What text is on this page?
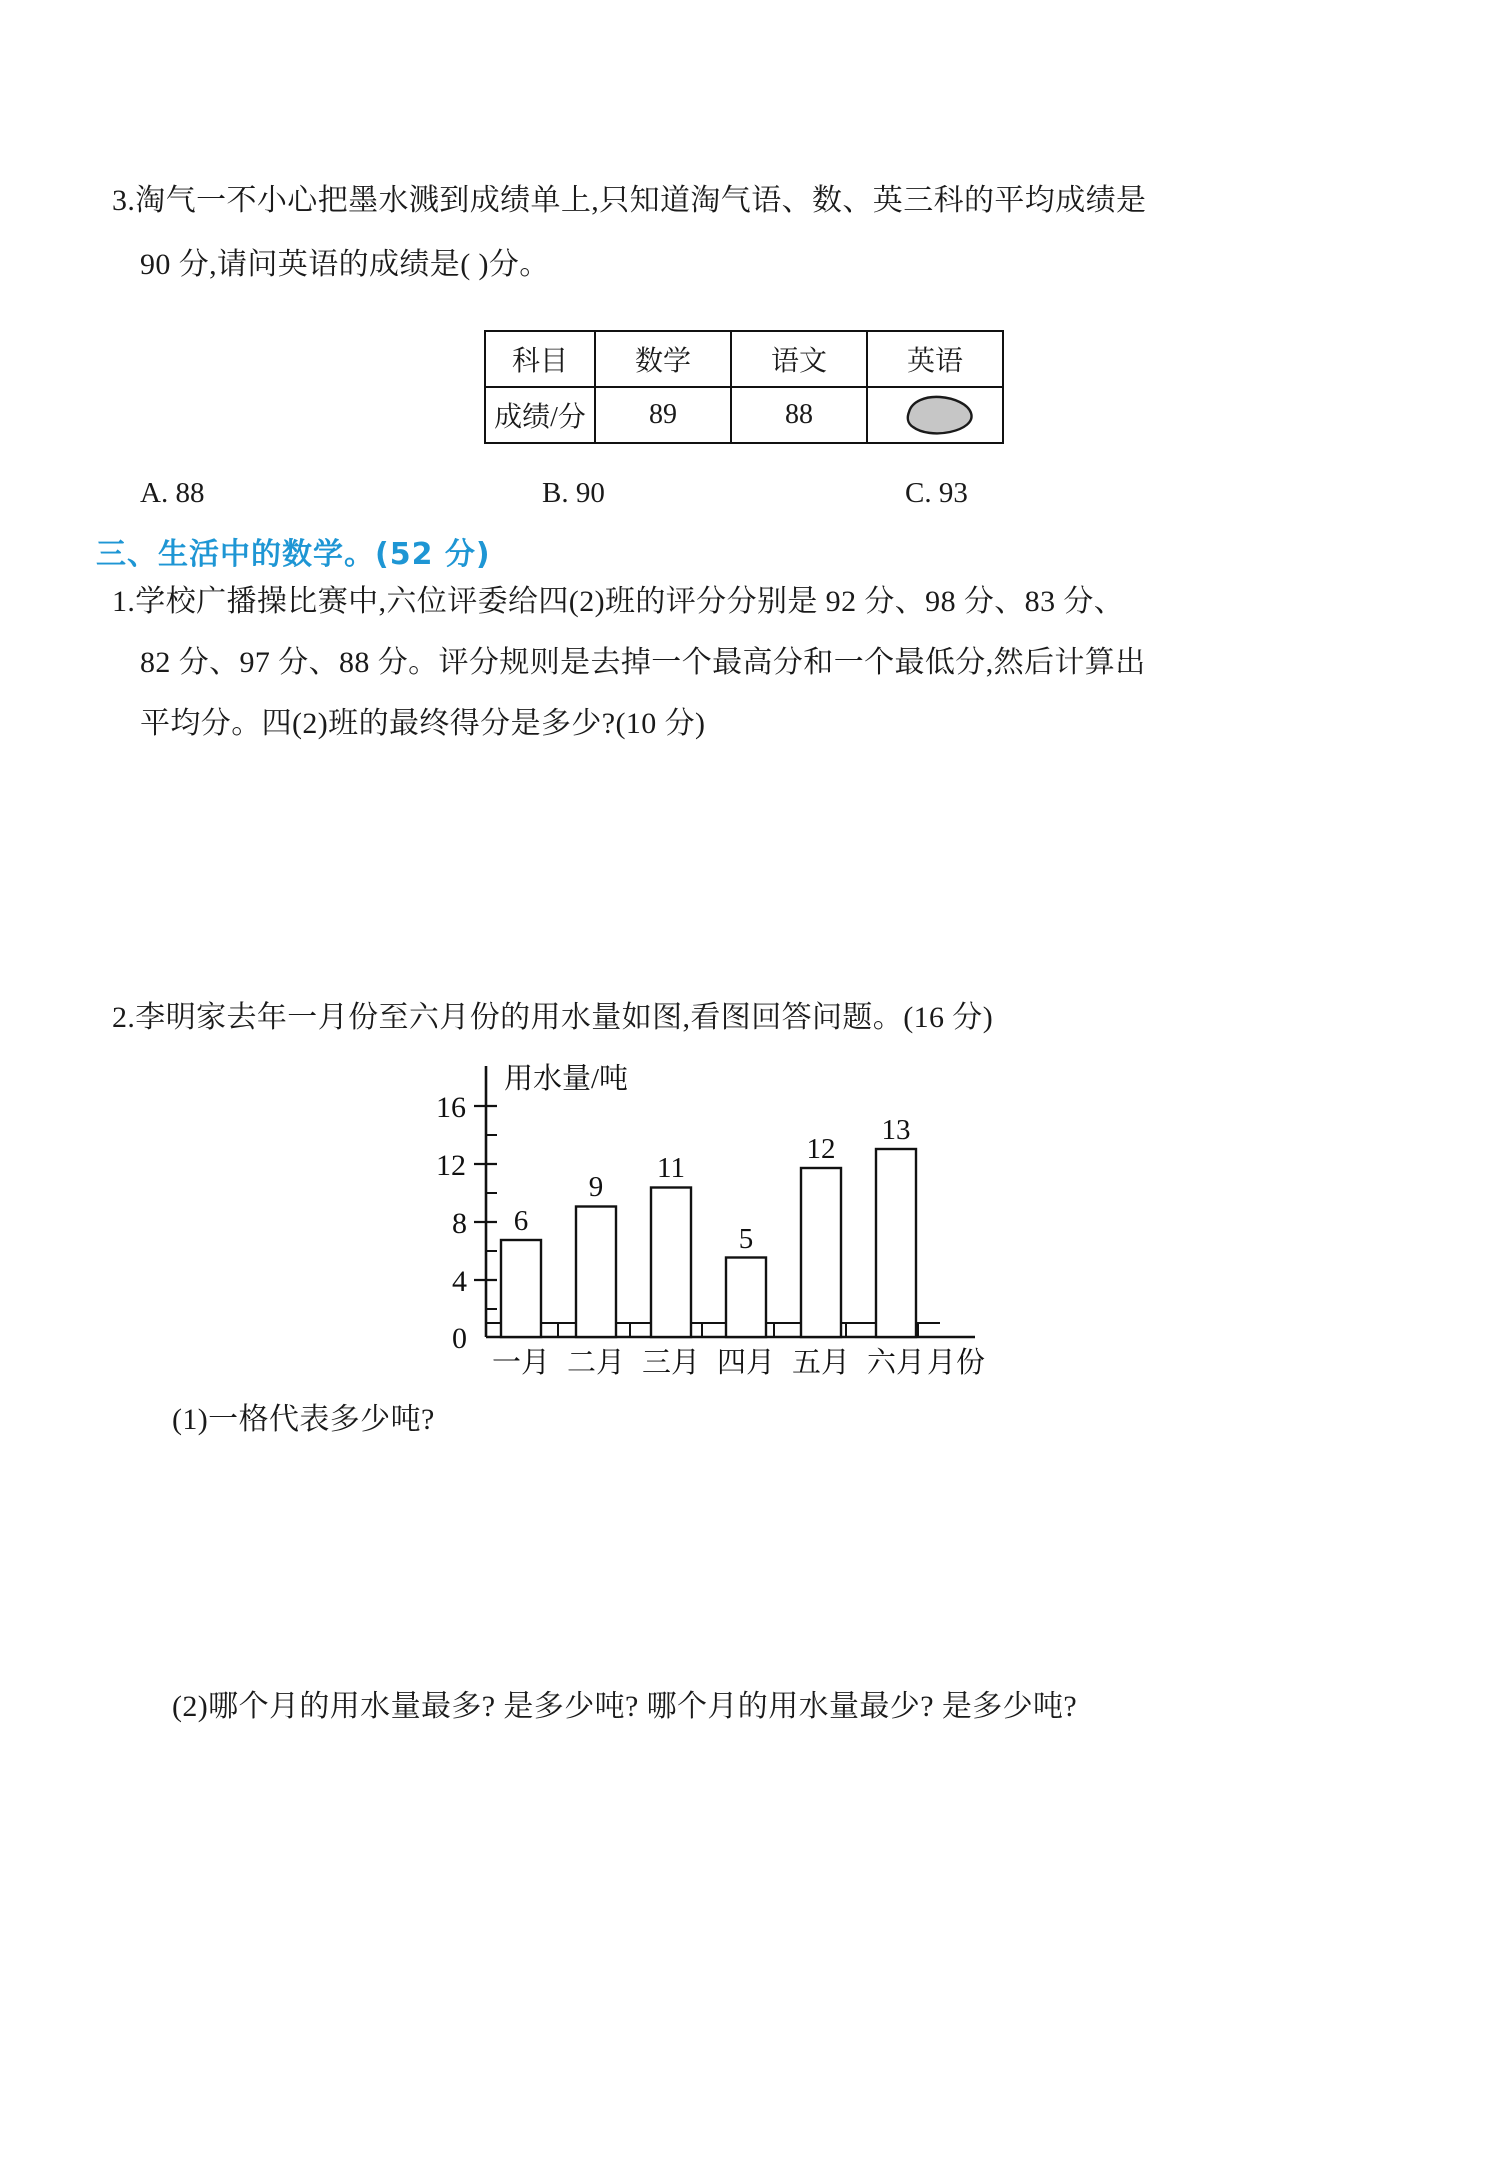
3.淘气一不小心把墨水溅到成绩单上,只知道淘气语、数、英三科的平均成绩是
90 分,请问英语的成绩是( )分。
科目	数学	语文	英语
成绩/分	89	88	
A. 88	B. 90	C. 93
三、生活中的数学。(52 分)
1.学校广播操比赛中,六位评委给四(2)班的评分分别是 92 分、98 分、83 分、
82 分、97 分、88 分。评分规则是去掉一个最高分和一个最低分,然后计算出
平均分。四(2)班的最终得分是多少?(10 分)
2.李明家去年一月份至六月份的用水量如图,看图回答问题。(16 分)
用水量/吨
16
12
8
4
0
6
9
11
5
12
13
一月 二月 三月 四月 五月 六月 月份
(1)一格代表多少吨?
(2)哪个月的用水量最多? 是多少吨? 哪个月的用水量最少? 是多少吨?
